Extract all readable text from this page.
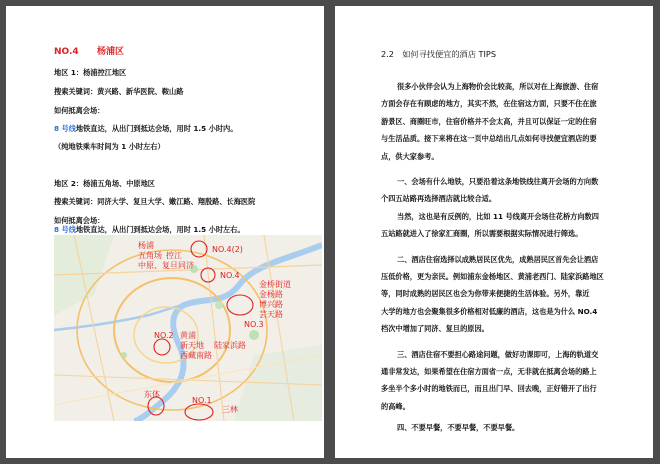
NO.4 杨浦区
地区 1：杨浦控江地区
搜索关键词：黄兴路、新华医院、鞍山路
如何抵离会场：
8 号线地铁直达，从出门到抵达会场，用时 1.5 小时内。
（纯地铁乘车时间为 1 小时左右）
地区 2：杨浦五角场、中原地区
搜索关键词：同济大学、复旦大学、嫩江路、翔殷路、长海医院
如何抵离会场：
8 号线地铁直达，从出门到抵达会场，用时 1.5 小时左右。
杨浦
五角场 控江
中原、复旦同济
NO.4(2)
NO.4
金桥街道
金杨路
博兴路
芸天路
NO.3
NO.2 黄浦
新天地 陆家浜路
西藏南路
东体
NO.1
三林
2.2　如何寻找便宜的酒店 TIPS
很多小伙伴会认为上海物价会比较高，所以对在上海旅游、住宿
方面会存在有顾虑的地方，其实不然，在住宿这方面，只要不住在旅
游景区、商圈旺市，住宿价格并不会太高，并且可以保证一定的住宿
与生活品质。接下来将在这一页中总结出几点如何寻找便宜酒店的要
点，供大家参考。
一、会场有什么地铁，只要沿着这条地铁线往离开会场的方向数
个四五站路再选择酒店就比较合适。
当然，这也是有反例的，比如 11 号线离开会场往花桥方向数四
五站路就进入了徐家汇商圈，所以需要根据实际情况进行筛选。
二、酒店住宿选择以成熟居民区优先，成熟居民区首先会让酒店
压低价格，更为亲民。例如浦东金杨地区、黄浦老西门、陆家浜路地区
等，同时成熟的居民区也会为你带来便捷的生活体验。另外，靠近
大学的地方也会聚集很多价格相对低廉的酒店，这也是为什么 NO.4
档次中增加了同济、复旦的原因。
三、酒店住宿不要担心路途问题，做好功课即可，上海的轨道交
通非常发达，如果希望在住宿方面省一点，无非就在抵离会场的路上
多坐半个多小时的地铁而已，而且出门早、回去晚，正好错开了出行
的高峰。
四、不要早餐，不要早餐，不要早餐。
